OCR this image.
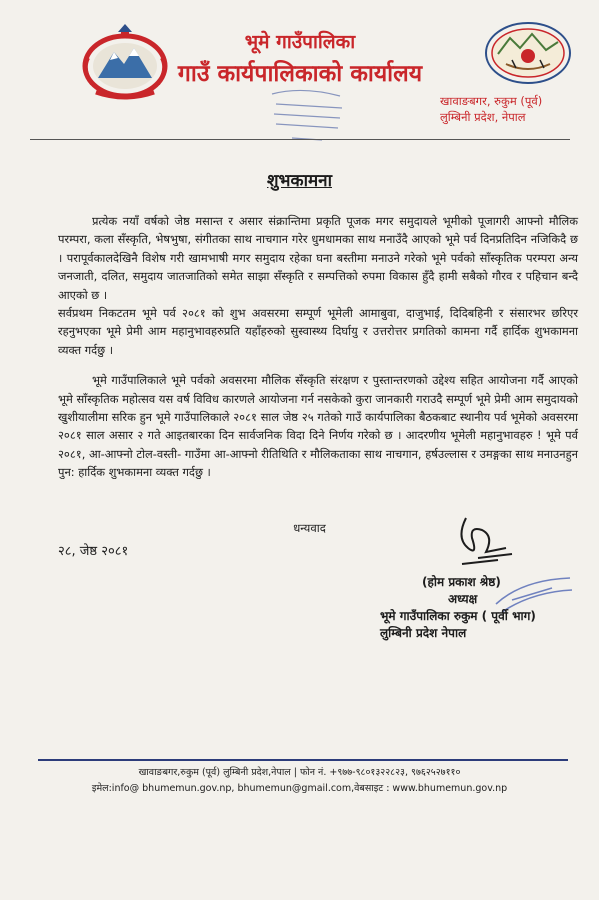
भूमे गाउँपालिका
गाउँ कार्यपालिकाको कार्यालय
खावाङबगर, रुकुम (पूर्व)
लुम्बिनी प्रदेश, नेपाल
शुभकामना

प्रत्येक नयाँ वर्षको जेष्ठ मसान्त र असार संक्रान्तिमा प्रकृति पूजक मगर समुदायले भूमीको पूजागरी आफ्नो मौलिक परम्परा, कला सँस्कृति, भेषभुषा, संगीतका साथ नाचगान गरेर धुमधामका साथ मनाउँदै आएको भूमे पर्व दिनप्रतिदिन नजिकिदै छ । परापूर्वकालदेखिनै विशेष गरी खामभाषी मगर समुदाय रहेका घना बस्तीमा मनाउने गरेको भूमे पर्वको साँस्कृतिक परम्परा अन्य जनजाती, दलित, समुदाय जातजातिको समेत साझा सँस्कृति र सम्पत्तिको रुपमा विकास हुँदै हामी सबैको गौरव र पहिचान बन्दै आएको छ ।

सर्वप्रथम निकटतम भूमे पर्व २०८१ को शुभ अवसरमा सम्पूर्ण भूमेली आमाबुवा, दाजुभाई, दिदिबहिनी र संसारभर छरिएर रहनुभएका भूमे प्रेमी आम महानुभावहरुप्रति यहाँहरुको सुस्वास्थ्य दिर्घायु र उत्तरोत्तर प्रगतिको कामना गर्दै हार्दिक शुभकामना व्यक्त गर्दछु ।

भूमे गाउँपालिकाले भूमे पर्वको अवसरमा मौलिक सँस्कृति संरक्षण र पुस्तान्तरणको उद्देश्य सहित आयोजना गर्दै आएको भूमे साँस्कृतिक महोत्सव यस वर्ष विविध कारणले आयोजना गर्न नसकेको कुरा जानकारी गराउदै सम्पूर्ण भूमे प्रेमी आम समुदायको खुशीयालीमा सरिक हुन भूमे गाउँपालिकाले २०८१ साल जेष्ठ २५ गतेको गाउँ कार्यपालिका बैठकबाट स्थानीय पर्व भूमेको अवसरमा २०८१ साल असार २ गते आइतबारका दिन सार्वजनिक विदा दिने निर्णय गरेको छ । आदरणीय भूमेली महानुभावहरु ! भूमे पर्व २०८१, आ-आफ्नो टोल-वस्ती- गाउँमा आ-आफ्नो रीतिथिति र मौलिकताका साथ नाचगान, हर्षउल्लास र उमङ्गका साथ मनाउनहुन पुन: हार्दिक शुभकामना व्यक्त गर्दछु ।

धन्यवाद
२८, जेष्ठ २०८१
(होम प्रकाश श्रेष्ठ)
अध्यक्ष
भूमे गाउँपालिका रुकुम ( पूर्वी भाग)
लुम्बिनी प्रदेश नेपाल
खावाङबगर,रुकुम (पूर्व) लुम्बिनी प्रदेश,नेपाल | फोन नं. +९७७-९८०१३२२८२३, ९७६२५२७११०
इमेल:info@ bhumemun.gov.np, bhumemun@gmail.com,वेबसाइट : www.bhumemun.gov.np
